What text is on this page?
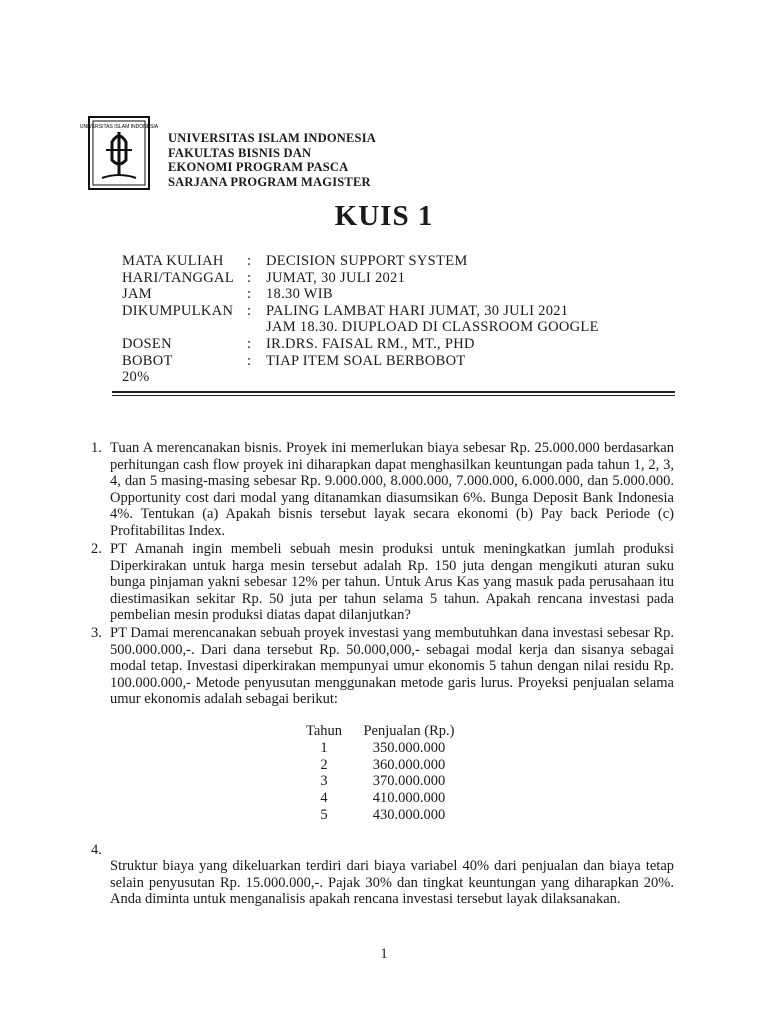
UNIVERSITAS ISLAM INDONESIA
UNIVERSITAS ISLAM INDONESIA
FAKULTAS BISNIS DAN
EKONOMI PROGRAM PASCA
SARJANA PROGRAM MAGISTER
KUIS 1
MATA KULIAH	:	DECISION SUPPORT SYSTEM
HARI/TANGGAL :	JUMAT, 30 JULI 2021
JAM	:	18.30 WIB
DIKUMPULKAN :	PALING LAMBAT HARI JUMAT, 30 JULI 2021
JAM 18.30. DIUPLOAD DI CLASSROOM GOOGLE
DOSEN	:	IR.DRS. FAISAL RM., MT., PHD
BOBOT	:	TIAP ITEM SOAL BERBOBOT
20%
1. Tuan A merencanakan bisnis. Proyek ini memerlukan biaya sebesar Rp. 25.000.000 berdasarkan perhitungan cash flow proyek ini diharapkan dapat menghasilkan keuntungan pada tahun 1, 2, 3, 4, dan 5 masing-masing sebesar Rp. 9.000.000, 8.000.000, 7.000.000, 6.000.000, dan 5.000.000. Opportunity cost dari modal yang ditanamkan diasumsikan 6%. Bunga Deposit Bank Indonesia 4%. Tentukan (a) Apakah bisnis tersebut layak secara ekonomi (b) Pay back Periode (c) Profitabilitas Index.
2. PT Amanah ingin membeli sebuah mesin produksi untuk meningkatkan jumlah produksi Diperkirakan untuk harga mesin tersebut adalah Rp. 150 juta dengan mengikuti aturan suku bunga pinjaman yakni sebesar 12% per tahun. Untuk Arus Kas yang masuk pada perusahaan itu diestimasikan sekitar Rp. 50 juta per tahun selama 5 tahun. Apakah rencana investasi pada pembelian mesin produksi diatas dapat dilanjutkan?
3. PT Damai merencanakan sebuah proyek investasi yang membutuhkan dana investasi sebesar Rp. 500.000.000,-. Dari dana tersebut Rp. 50.000,000,- sebagai modal kerja dan sisanya sebagai modal tetap. Investasi diperkirakan mempunyai umur ekonomis 5 tahun dengan nilai residu Rp. 100.000.000,- Metode penyusutan menggunakan metode garis lurus. Proyeksi penjualan selama umur ekonomis adalah sebagai berikut:
Tahun	Penjualan (Rp.)
1	350.000.000
2	360.000.000
3	370.000.000
4	410.000.000
5	430.000.000
4.
Struktur biaya yang dikeluarkan terdiri dari biaya variabel 40% dari penjualan dan biaya tetap selain penyusutan Rp. 15.000.000,-. Pajak 30% dan tingkat keuntungan yang diharapkan 20%. Anda diminta untuk menganalisis apakah rencana investasi tersebut layak dilaksanakan.
1
